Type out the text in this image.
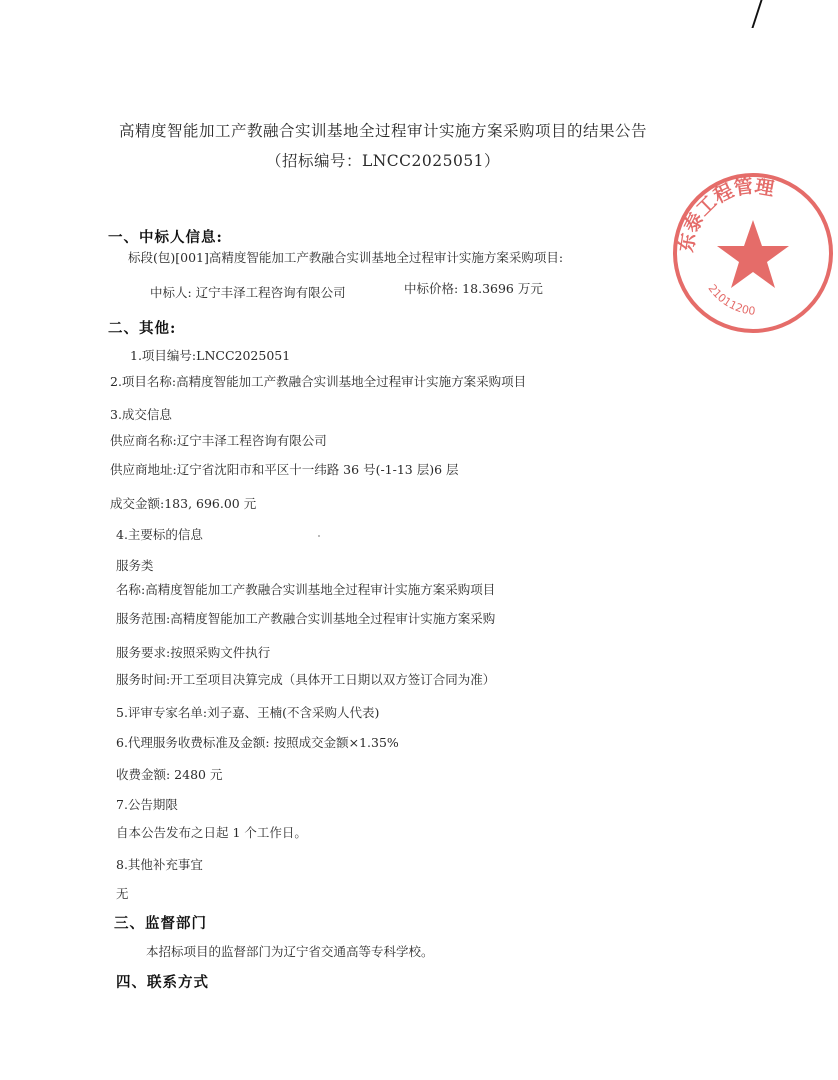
高精度智能加工产教融合实训基地全过程审计实施方案采购项目的结果公告
（招标编号：LNCC2025051）
一、中标人信息:
标段(包)[001]高精度智能加工产教融合实训基地全过程审计实施方案采购项目:
中标人: 辽宁丰泽工程咨询有限公司	中标价格: 18.3696 万元
二、其他:
1.项目编号:LNCC2025051
2.项目名称:高精度智能加工产教融合实训基地全过程审计实施方案采购项目
3.成交信息
供应商名称:辽宁丰泽工程咨询有限公司
供应商地址:辽宁省沈阳市和平区十一纬路 36 号(-1-13 层)6 层
成交金额:183, 696.00 元
4.主要标的信息
服务类
名称:高精度智能加工产教融合实训基地全过程审计实施方案采购项目
服务范围:高精度智能加工产教融合实训基地全过程审计实施方案采购
服务要求:按照采购文件执行
服务时间:开工至项目决算完成（具体开工日期以双方签订合同为准）
5.评审专家名单:刘子嘉、王楠(不含采购人代表)
6.代理服务收费标准及金额: 按照成交金额×1.35%
收费金额: 2480 元
7.公告期限
自本公告发布之日起 1 个工作日。
8.其他补充事宜
无
三、监督部门
本招标项目的监督部门为辽宁省交通高等专科学校。
四、联系方式
东泰工程管理
21011200
